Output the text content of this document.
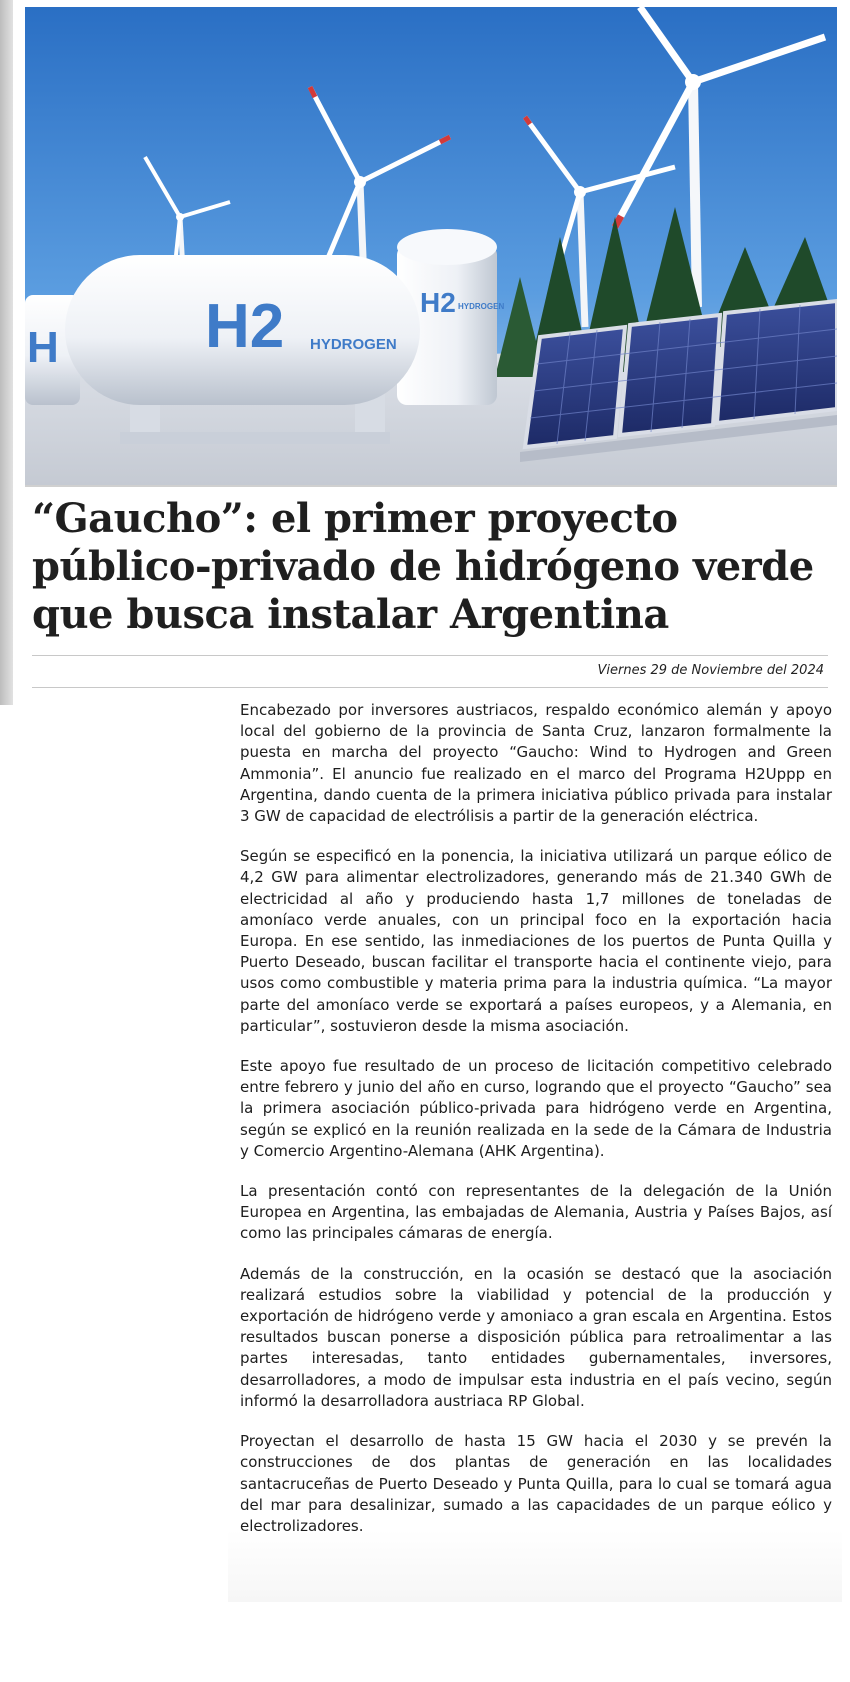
H2 HYDROGEN
H H2 HYDROGEN
“Gaucho”: el primer proyecto público-privado de hidrógeno verde que busca instalar Argentina
Viernes 29 de Noviembre del 2024

Encabezado por inversores austriacos, respaldo económico alemán y apoyo local del gobierno de la provincia de Santa Cruz, lanzaron formalmente la puesta en marcha del proyecto “Gaucho: Wind to Hydrogen and Green Ammonia”. El anuncio fue realizado en el marco del Programa H2Uppp en Argentina, dando cuenta de la primera iniciativa público privada para instalar 3 GW de capacidad de electrólisis a partir de la generación eléctrica.

Según se especificó en la ponencia, la iniciativa utilizará un parque eólico de 4,2 GW para alimentar electrolizadores, generando más de 21.340 GWh de electricidad al año y produciendo hasta 1,7 millones de toneladas de amoníaco verde anuales, con un principal foco en la exportación hacia Europa. En ese sentido, las inmediaciones de los puertos de Punta Quilla y Puerto Deseado, buscan facilitar el transporte hacia el continente viejo, para usos como combustible y materia prima para la industria química. “La mayor parte del amoníaco verde se exportará a países europeos, y a Alemania, en particular”, sostuvieron desde la misma asociación.

Este apoyo fue resultado de un proceso de licitación competitivo celebrado entre febrero y junio del año en curso, logrando que el proyecto “Gaucho” sea la primera asociación público-privada para hidrógeno verde en Argentina, según se explicó en la reunión realizada en la sede de la Cámara de Industria y Comercio Argentino-Alemana (AHK Argentina).

La presentación contó con representantes de la delegación de la Unión Europea en Argentina, las embajadas de Alemania, Austria y Países Bajos, así como las principales cámaras de energía.

Además de la construcción, en la ocasión se destacó que la asociación realizará estudios sobre la viabilidad y potencial de la producción y exportación de hidrógeno verde y amoniaco a gran escala en Argentina. Estos resultados buscan ponerse a disposición pública para retroalimentar a las partes interesadas, tanto entidades gubernamentales, inversores, desarrolladores, a modo de impulsar esta industria en el país vecino, según informó la desarrolladora austriaca RP Global.

Proyectan el desarrollo de hasta 15 GW hacia el 2030 y se prevén la construcciones de dos plantas de generación en las localidades santacruceñas de Puerto Deseado y Punta Quilla, para lo cual se tomará agua del mar para desalinizar, sumado a las capacidades de un parque eólico y electrolizadores.
